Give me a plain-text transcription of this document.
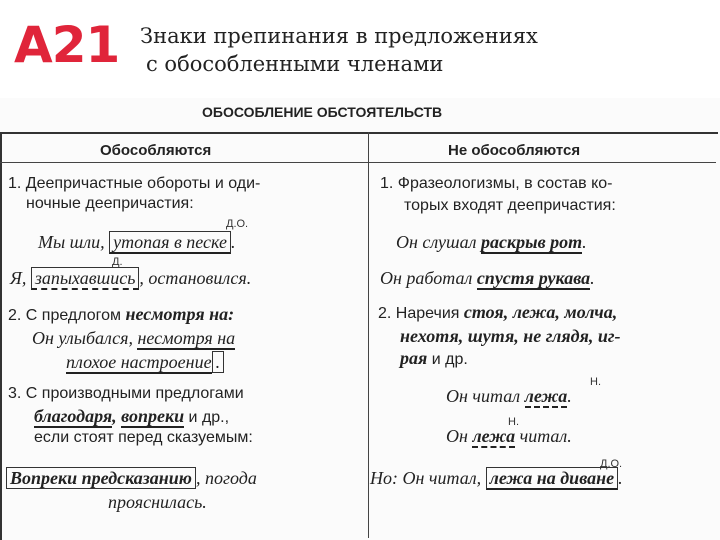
А21 Знаки препинания в предложениях
с обособленными членами
ОБОСОБЛЕНИЕ ОБСТОЯТЕЛЬСТВ
Обособляются	Не обособляются
1. Деепричастные обороты и оди-
ночные деепричастия:
Д.О.
Мы шли, утопая в песке .
Д.
Я, запыхавшись , остановился.
2. С предлогом несмотря на:
Он улыбался, несмотря на
плохое настроение .
3. С производными предлогами
благодаря, вопреки и др.,
если стоят перед сказуемым:
Вопреки предсказанию , погода
прояснилась.
1. Фразеологизмы, в состав ко-
торых входят деепричастия:
Он слушал раскрыв рот.
Он работал спустя рукава.
2. Наречия стоя, лежа, молча,
нехотя, шутя, не глядя, иг-
рая и др.
Н.
Он читал лежа.
Н.
Он лежа читал.
Д.О.
Но: Он читал, лежа на диване .
